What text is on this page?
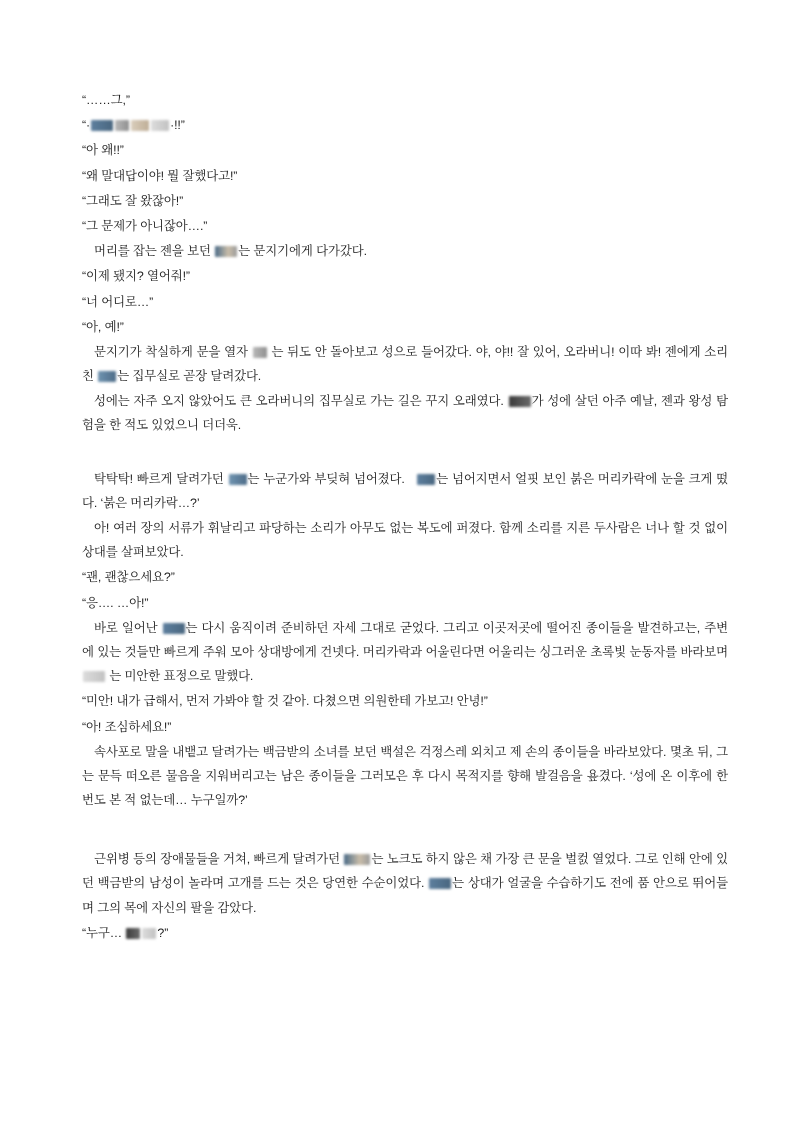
“……그,”

“·	·!!”

“아 왜!!”

“왜 말대답이야! 뭘 잘했다고!”

“그래도 잘 왔잖아!”

“그 문제가 아니잖아….”

머리를 잡는 젠을 보던 는 문지기에게 다가갔다.

“이제 됐지? 열어줘!”

“너 어디로…”

“아, 예!”

문지기가 착실하게 문을 열자  는 뒤도 안 돌아보고 성으로 들어갔다. 야, 야!! 잘 있어, 오라버니! 이따 봐! 젠에게 소리친 는 집무실로 곧장 달려갔다.

성에는 자주 오지 않았어도 큰 오라버니의 집무실로 가는 길은 꾸지 오래였다. 가 성에 살던 아주 예날, 젠과 왕성 탐험을 한 적도 있었으니 더더욱.

탁탁탁! 빠르게 달려가던 는 누군가와 부딪혀 넘어졌다.   는 넘어지면서 얼핏 보인 붉은 머리카락에 눈을 크게 떴다. ‘붉은 머리카락…?’

아! 여러 장의 서류가 휘날리고 파당하는 소리가 아무도 없는 복도에 퍼졌다. 함께 소리를 지른 두사람은 너나 할 것 없이 상대를 살펴보았다.

“괜, 괜찮으세요?”

“응…. …아!”

바로 일어난 는 다시 움직이려 준비하던 자세 그대로 굳었다. 그리고 이곳저곳에 떨어진 종이들을 발견하고는, 주변에 있는 것들만 빠르게 주워 모아 상대방에게 건넷다. 머리카락과 어울린다면 어울리는 싱그러운 초록빛 눈동자를 바라보며  는 미안한 표정으로 말했다.

“미안! 내가 급해서, 먼저 가봐야 할 것 같아. 다쳤으면 의원한테 가보고! 안녕!”

“아! 조심하세요!”

속사포로 말을 내뱉고 달려가는 백금받의 소녀를 보던 백설은 걱정스레 외치고 제 손의 종이들을 바라보았다. 몇초 뒤, 그는 문득 떠오른 물음을 지워버리고는 남은 종이들을 그러모은 후 다시 목적지를 향해 발걸음을 욮겼다. ‘성에 온 이후에 한 번도 본 적 없는데… 누구일까?’

근위병 등의 장애물들을 거쳐, 빠르게 달려가던 는 노크도 하지 않은 채 가장 큰 문을 벌컰 열었다. 그로 인해 안에 있던 백금받의 남성이 놀라며 고개를 드는 것은 당연한 수순이었다. 는 상대가 얼굴을 수습하기도 전에 품 안으로 뛰어들며 그의 목에 자신의 팔을 감았다.

“누구…	?”
